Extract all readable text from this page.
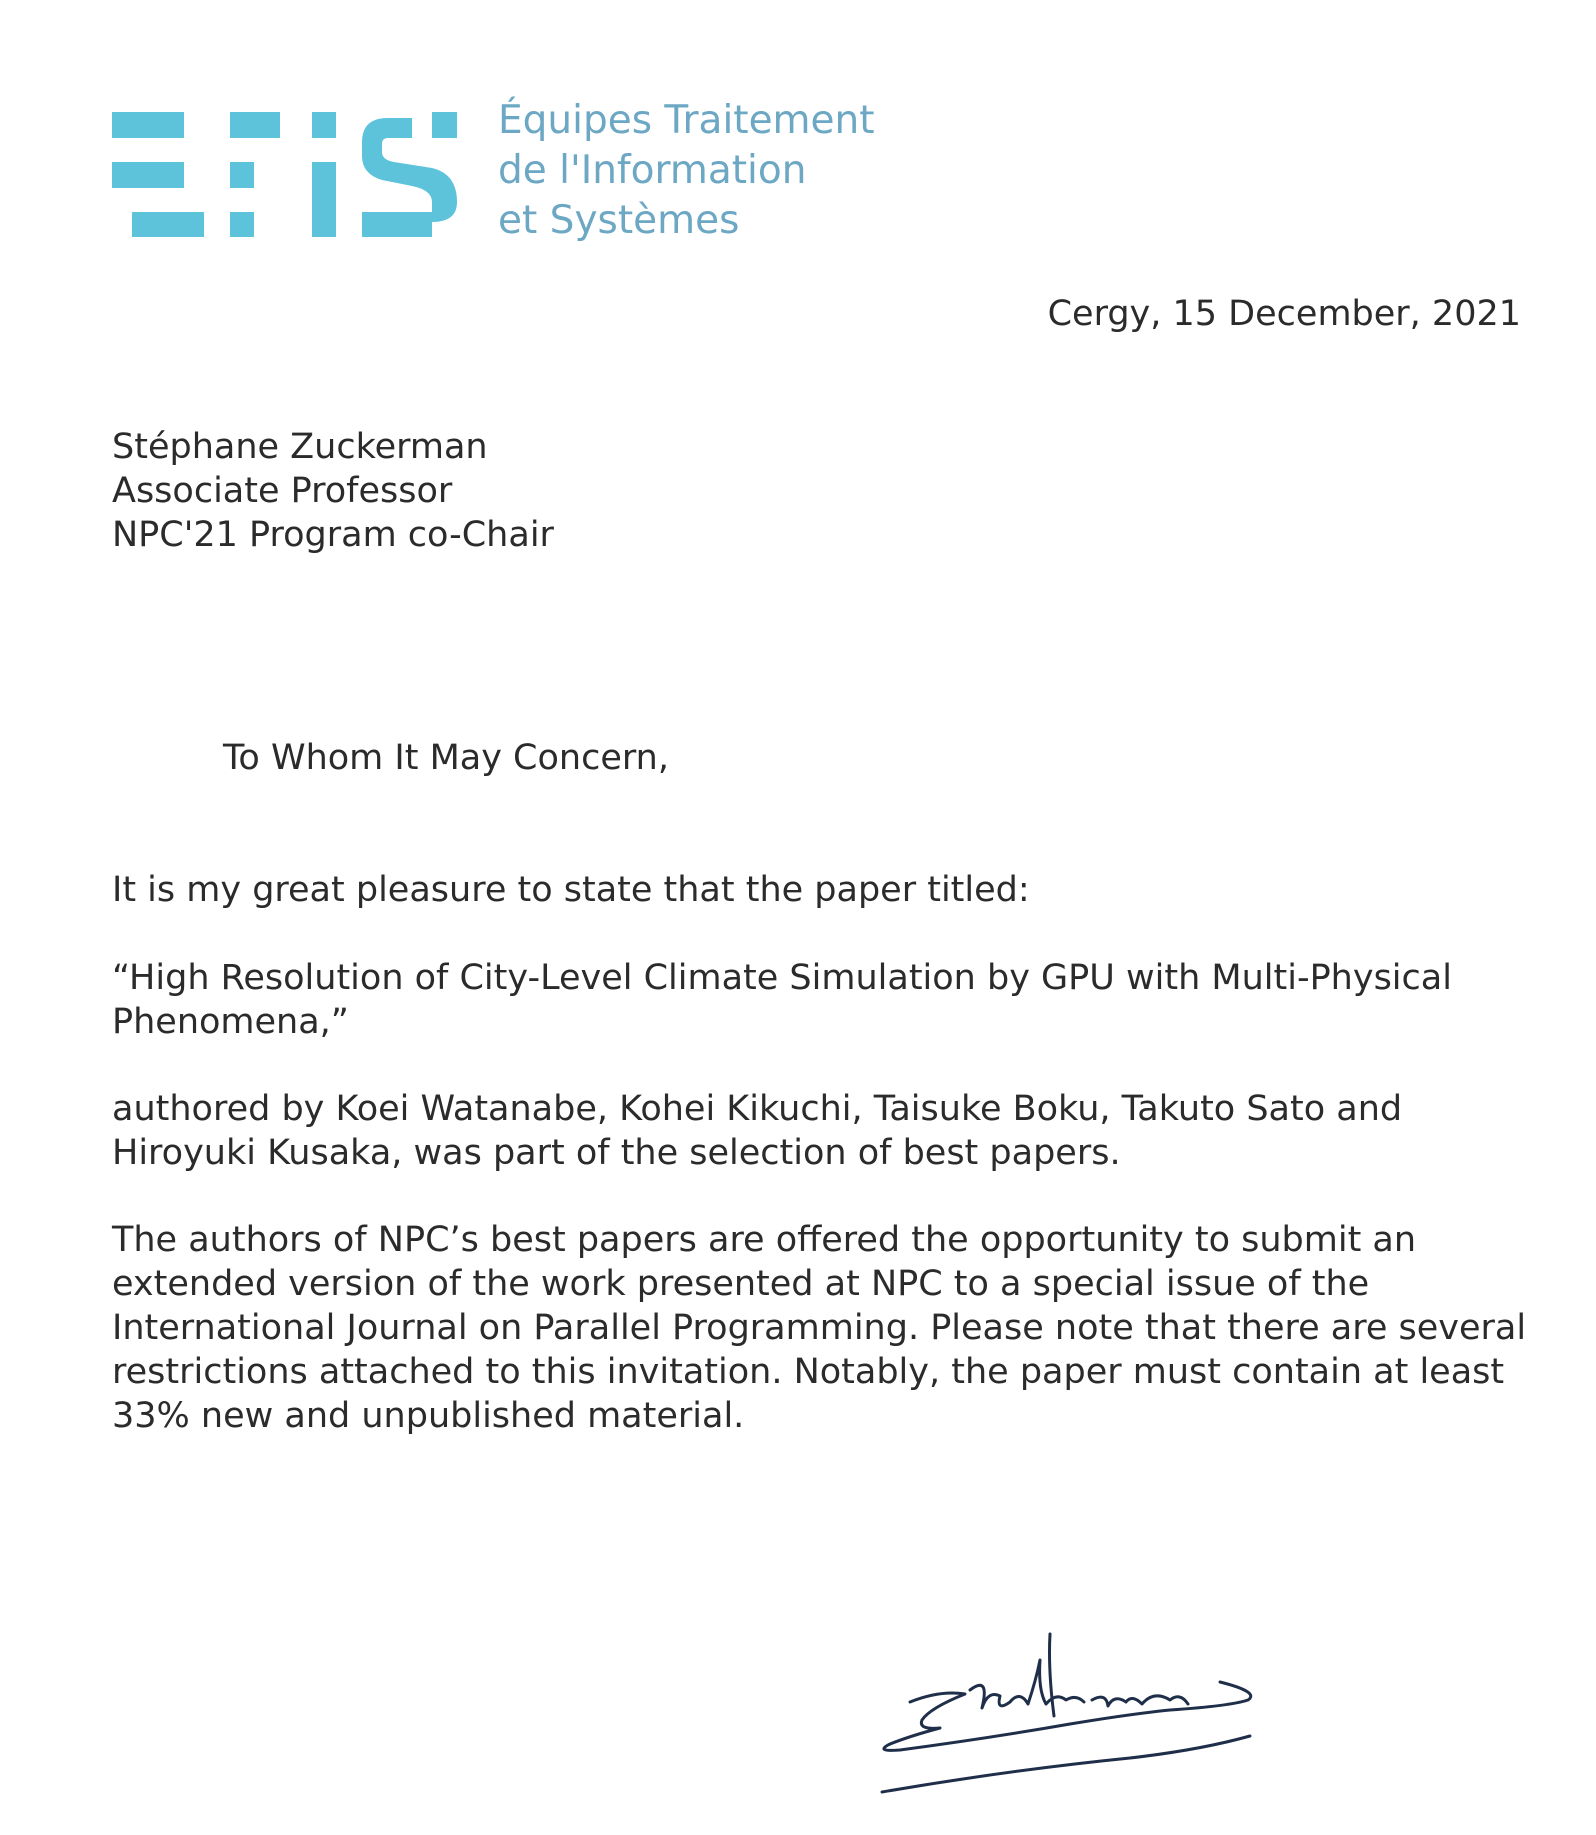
Équipes Traitement
de l'Information
et Systèmes
Cergy, 15 December, 2021
Stéphane Zuckerman
Associate Professor
NPC'21 Program co-Chair
To Whom It May Concern,

It is my great pleasure to state that the paper titled:

“High Resolution of City-Level Climate Simulation by GPU with Multi-Physical Phenomena,”

authored by Koei Watanabe, Kohei Kikuchi, Taisuke Boku, Takuto Sato and Hiroyuki Kusaka, was part of the selection of best papers.

The authors of NPC’s best papers are offered the opportunity to submit an extended version of the work presented at NPC to a special issue of the International Journal on Parallel Programming. Please note that there are several restrictions attached to this invitation. Notably, the paper must contain at least 33% new and unpublished material.
